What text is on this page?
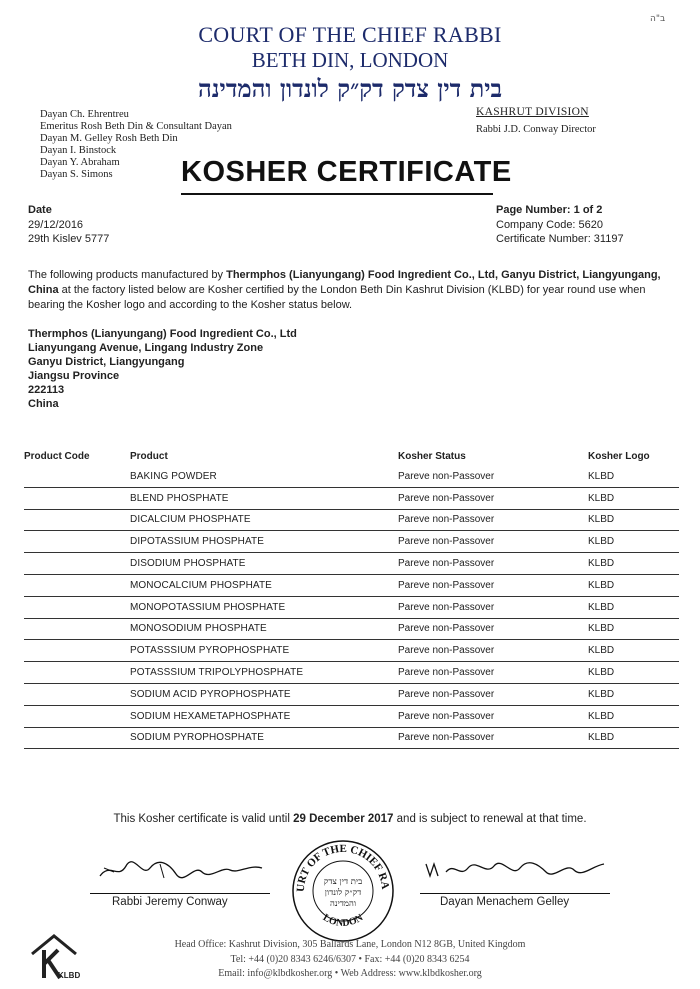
ב"ה
COURT OF THE CHIEF RABBI
BETH DIN, LONDON
בית דין צדק דק״ק לונדון והמדינה
Dayan Ch. Ehrentreu
Emeritus Rosh Beth Din & Consultant Dayan
Dayan M. Gelley Rosh Beth Din
Dayan I. Binstock
Dayan Y. Abraham
Dayan S. Simons
KASHRUT DIVISION
Rabbi J.D. Conway Director
KOSHER CERTIFICATE
Date
29/12/2016
29th Kislev 5777
Page Number: 1 of 2
Company Code: 5620
Certificate Number: 31197
The following products manufactured by Thermphos (Lianyungang) Food Ingredient Co., Ltd, Ganyu District, Liangyungang, China at the factory listed below are Kosher certified by the London Beth Din Kashrut Division (KLBD) for year round use when bearing the Kosher logo and according to the Kosher status below.
Thermphos (Lianyungang) Food Ingredient Co., Ltd
Lianyungang Avenue, Lingang Industry Zone
Ganyu District, Liangyungang
Jiangsu Province
222113
China
Product Code	Product	Kosher Status	Kosher Logo
	BAKING POWDER	Pareve non-Passover	KLBD
	BLEND PHOSPHATE	Pareve non-Passover	KLBD
	DICALCIUM PHOSPHATE	Pareve non-Passover	KLBD
	DIPOTASSIUM PHOSPHATE	Pareve non-Passover	KLBD
	DISODIUM PHOSPHATE	Pareve non-Passover	KLBD
	MONOCALCIUM PHOSPHATE	Pareve non-Passover	KLBD
	MONOPOTASSIUM PHOSPHATE	Pareve non-Passover	KLBD
	MONOSODIUM PHOSPHATE	Pareve non-Passover	KLBD
	POTASSSIUM PYROPHOSPHATE	Pareve non-Passover	KLBD
	POTASSSIUM TRIPOLYPHOSPHATE	Pareve non-Passover	KLBD
	SODIUM ACID PYROPHOSPHATE	Pareve non-Passover	KLBD
	SODIUM HEXAMETAPHOSPHATE	Pareve non-Passover	KLBD
	SODIUM PYROPHOSPHATE	Pareve non-Passover	KLBD
This Kosher certificate is valid until 29 December 2017 and is subject to renewal at that time.
Rabbi Jeremy Conway	Dayan Menachem Gelley
URT OF THE CHIEF RA
LONDON
בית דין צדק
דק״ק לונדון
והמדינה
KLBD
Head Office: Kashrut Division, 305 Ballards Lane, London N12 8GB, United Kingdom
Tel: +44 (0)20 8343 6246/6307 • Fax: +44 (0)20 8343 6254
Email: info@klbdkosher.org • Web Address: www.klbdkosher.org
